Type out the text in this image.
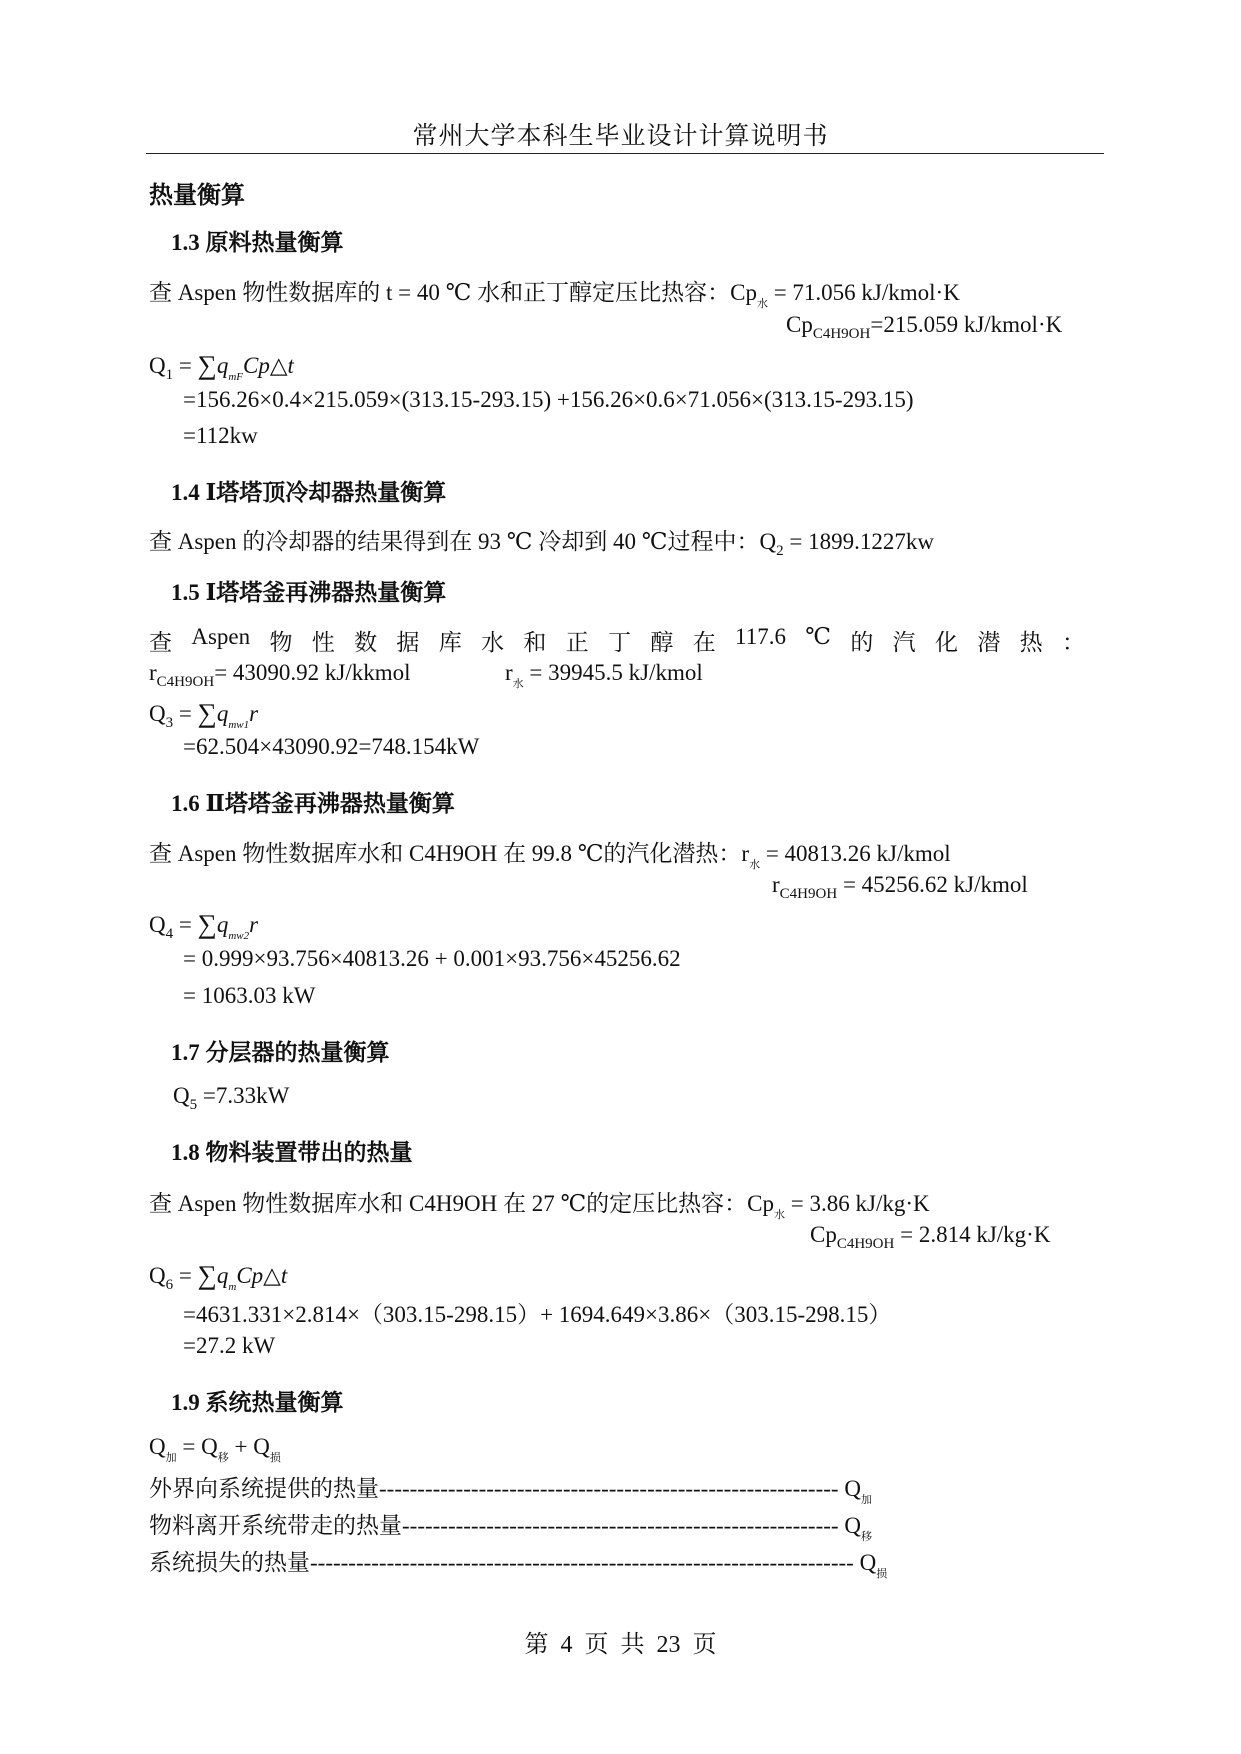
常州大学本科生毕业设计计算说明书
热量衡算
1.3 原料热量衡算
查 Aspen 物性数据库的 t = 40 ℃ 水和正丁醇定压比热容：$Cp_水 = 71.056$ kJ/kmol·K
$Cp_{C4H9OH}=215.059$ kJ/kmol·K
$Q_1$ = $\sum q_{mF}Cp\triangle t$
=156.26×0.4×215.059×(313.15-293.15) +156.26×0.6×71.056×(313.15-293.15)
=112kw
1.4 Ⅰ塔塔顶冷却器热量衡算
查 Aspen 的冷却器的结果得到在 93 ℃ 冷却到 40 ℃过程中：$Q_2 = 1899.1227kw$
1.5 Ⅰ塔塔釜再沸器热量衡算
查 Aspen 物 性 数 据 库 水 和 正 丁 醇 在 117.6 ℃ 的 汽 化 潜 热 ：
$r_{C4H9OH}= 43090.92$ kJ/kkmol	$r_水 = 39945.5$ kJ/kmol
$Q_3 = \sum q_{mw1}r$
=62.504×43090.92=748.154kW
1.6 Ⅱ塔塔釜再沸器热量衡算
查 Aspen 物性数据库水和 C4H9OH 在 99.8 ℃的汽化潜热：$r_水 = 40813.26$ kJ/kmol
$r_{C4H9OH} = 45256.62$ kJ/kmol
$Q_4 = \sum q_{mw2}r$
= 0.999×93.756×40813.26 + 0.001×93.756×45256.62
= 1063.03 kW
1.7 分层器的热量衡算
$Q_5 =7.33kW$
1.8 物料装置带出的热量
查 Aspen 物性数据库水和 C4H9OH 在 27 ℃的定压比热容：$Cp_水 = 3.86$ kJ/kg·K
$Cp_{C4H9OH} = 2.814$ kJ/kg·K
$Q_6$ = $\sum q_mCp\triangle t$
=4631.331×2.814×（303.15-298.15）+ 1694.649×3.86×（303.15-298.15）
=27.2 kW
1.9 系统热量衡算
$Q_加 = Q_移 + Q_损$
外界向系统提供的热量------------------------------------------------------------ $Q_加$
物料离开系统带走的热量--------------------------------------------------------- $Q_移$
系统损失的热量----------------------------------------------------------------------- $Q_损$
第 4 页 共 23 页
